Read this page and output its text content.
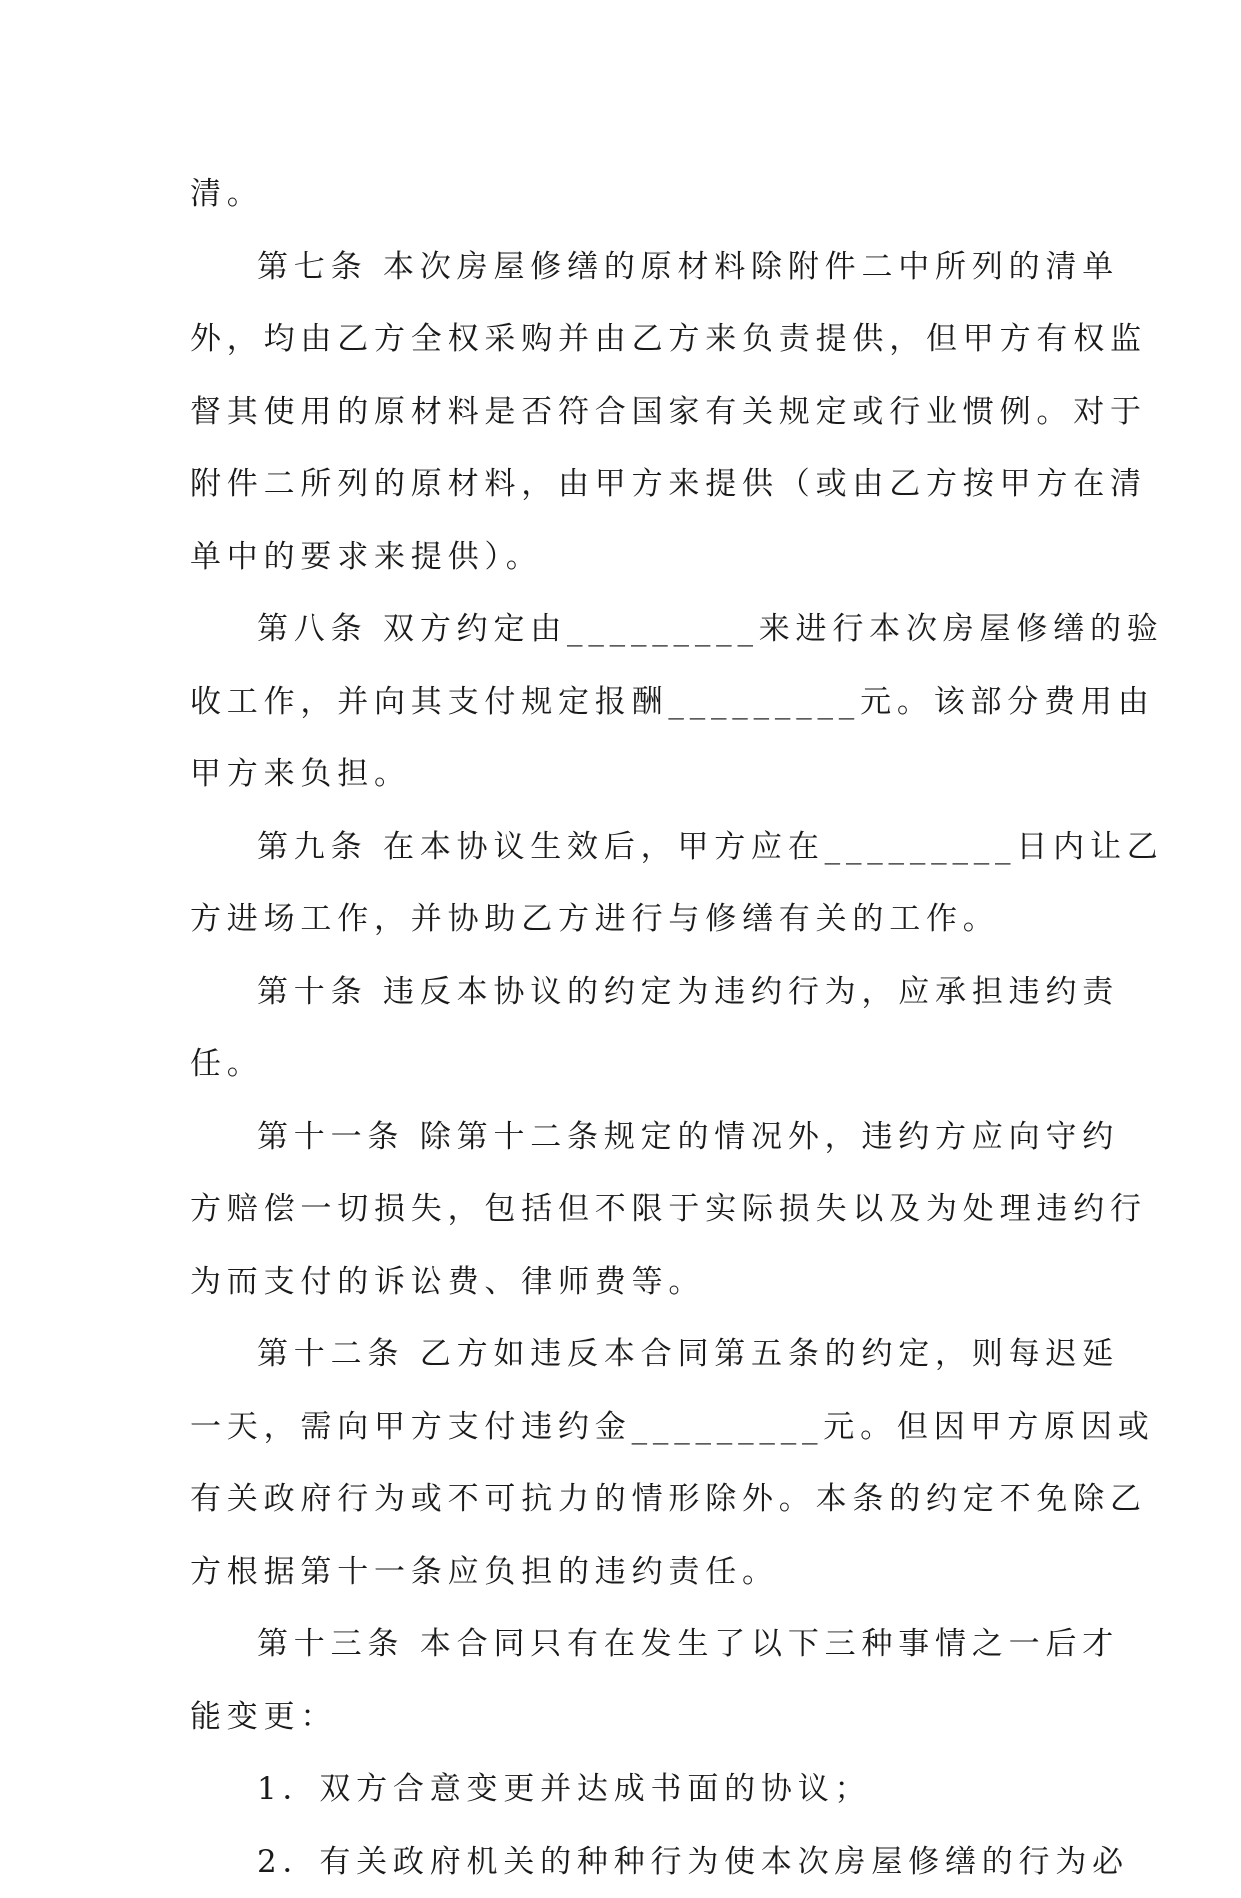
清。
第七条 本次房屋修缮的原材料除附件二中所列的清单
外，均由乙方全权采购并由乙方来负责提供，但甲方有权监
督其使用的原材料是否符合国家有关规定或行业惯例。对于
附件二所列的原材料，由甲方来提供（或由乙方按甲方在清
单中的要求来提供）。
第八条 双方约定由_________来进行本次房屋修缮的验
收工作，并向其支付规定报酬_________元。该部分费用由
甲方来负担。
第九条 在本协议生效后，甲方应在_________日内让乙
方进场工作，并协助乙方进行与修缮有关的工作。
第十条 违反本协议的约定为违约行为，应承担违约责
任。
第十一条 除第十二条规定的情况外，违约方应向守约
方赔偿一切损失，包括但不限于实际损失以及为处理违约行
为而支付的诉讼费、律师费等。
第十二条 乙方如违反本合同第五条的约定，则每迟延
一天，需向甲方支付违约金_________元。但因甲方原因或
有关政府行为或不可抗力的情形除外。本条的约定不免除乙
方根据第十一条应负担的违约责任。
第十三条 本合同只有在发生了以下三种事情之一后才
能变更：
1．双方合意变更并达成书面的协议；
2．有关政府机关的种种行为使本次房屋修缮的行为必
